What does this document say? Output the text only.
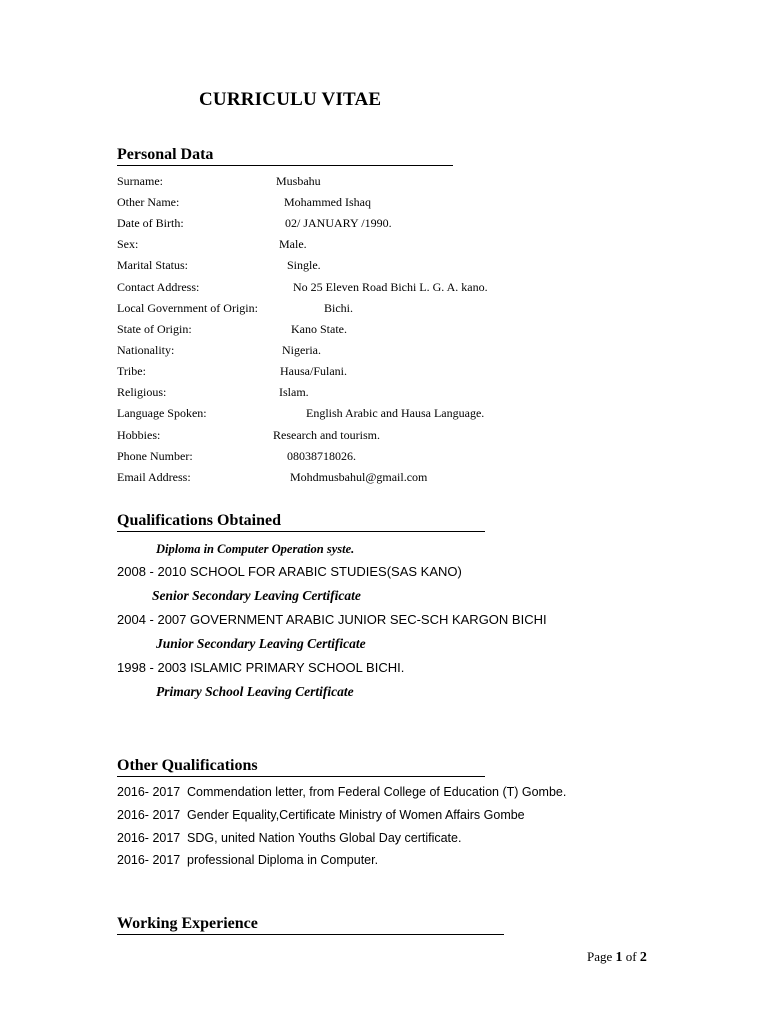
CURRICULU VITAE
Personal Data
Surname:	Musbahu
Other Name:	Mohammed Ishaq
Date of Birth:	02/ JANUARY /1990.
Sex:	Male.
Marital Status:	Single.
Contact Address:	No 25 Eleven Road Bichi L. G. A. kano.
Local Government of Origin:	Bichi.
State of Origin:	Kano State.
Nationality:	Nigeria.
Tribe:	Hausa/Fulani.
Religious:	Islam.
Language Spoken:	English Arabic and Hausa Language.
Hobbies:	Research and tourism.
Phone Number:	08038718026.
Email Address:	Mohdmusbahul@gmail.com
Qualifications Obtained
Diploma in Computer Operation syste.
2008 - 2010 SCHOOL FOR ARABIC STUDIES(SAS KANO)
Senior Secondary Leaving Certificate
2004 - 2007 GOVERNMENT ARABIC JUNIOR SEC-SCH KARGON BICHI
Junior Secondary Leaving Certificate
1998 - 2003 ISLAMIC PRIMARY SCHOOL BICHI.
Primary School Leaving Certificate
Other Qualifications
2016- 2017 Commendation letter, from Federal College of Education (T) Gombe.
2016- 2017 Gender Equality,Certificate Ministry of Women Affairs Gombe
2016- 2017 SDG, united Nation Youths Global Day certificate.
2016- 2017 professional Diploma in Computer.
Working Experience
Page 1 of 2
